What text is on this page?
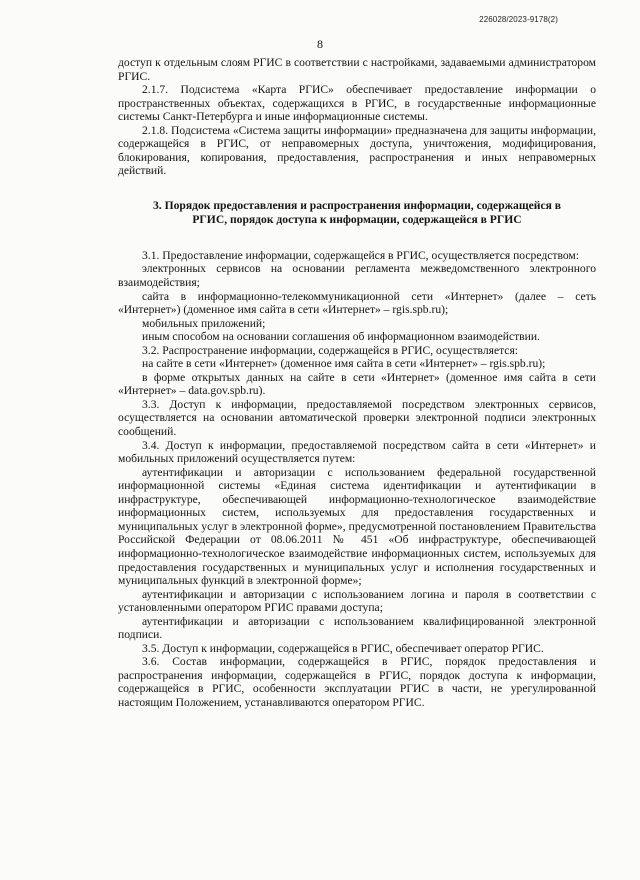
226028/2023-9178(2)
8

доступ к отдельным слоям РГИС в соответствии с настройками, задаваемыми администратором РГИС.

2.1.7. Подсистема «Карта РГИС» обеспечивает предоставление информации о пространственных объектах, содержащихся в РГИС, в государственные информационные системы Санкт-Петербурга и иные информационные системы.

2.1.8. Подсистема «Система защиты информации» предназначена для защиты информации, содержащейся в РГИС, от неправомерных доступа, уничтожения, модифицирования, блокирования, копирования, предоставления, распространения и иных неправомерных действий.

3. Порядок предоставления и распространения информации, содержащейся в РГИС, порядок доступа к информации, содержащейся в РГИС

3.1. Предоставление информации, содержащейся в РГИС, осуществляется посредством:

электронных сервисов на основании регламента межведомственного электронного взаимодействия;

сайта в информационно-телекоммуникационной сети «Интернет» (далее – сеть «Интернет») (доменное имя сайта в сети «Интернет» – rgis.spb.ru);

мобильных приложений;

иным способом на основании соглашения об информационном взаимодействии.

3.2. Распространение информации, содержащейся в РГИС, осуществляется:

на сайте в сети «Интернет» (доменное имя сайта в сети «Интернет» – rgis.spb.ru);

в форме открытых данных на сайте в сети «Интернет» (доменное имя сайта в сети «Интернет» – data.gov.spb.ru).

3.3. Доступ к информации, предоставляемой посредством электронных сервисов, осуществляется на основании автоматической проверки электронной подписи электронных сообщений.

3.4. Доступ к информации, предоставляемой посредством сайта в сети «Интернет» и мобильных приложений осуществляется путем:

аутентификации и авторизации с использованием федеральной государственной информационной системы «Единая система идентификации и аутентификации в инфраструктуре, обеспечивающей информационно-технологическое взаимодействие информационных систем, используемых для предоставления государственных и муниципальных услуг в электронной форме», предусмотренной постановлением Правительства Российской Федерации от 08.06.2011 № 451 «Об инфраструктуре, обеспечивающей информационно-технологическое взаимодействие информационных систем, используемых для предоставления государственных и муниципальных услуг и исполнения государственных и муниципальных функций в электронной форме»;

аутентификации и авторизации с использованием логина и пароля в соответствии с установленными оператором РГИС правами доступа;

аутентификации и авторизации с использованием квалифицированной электронной подписи.

3.5. Доступ к информации, содержащейся в РГИС, обеспечивает оператор РГИС.

3.6. Состав информации, содержащейся в РГИС, порядок предоставления и распространения информации, содержащейся в РГИС, порядок доступа к информации, содержащейся в РГИС, особенности эксплуатации РГИС в части, не урегулированной настоящим Положением, устанавливаются оператором РГИС.
